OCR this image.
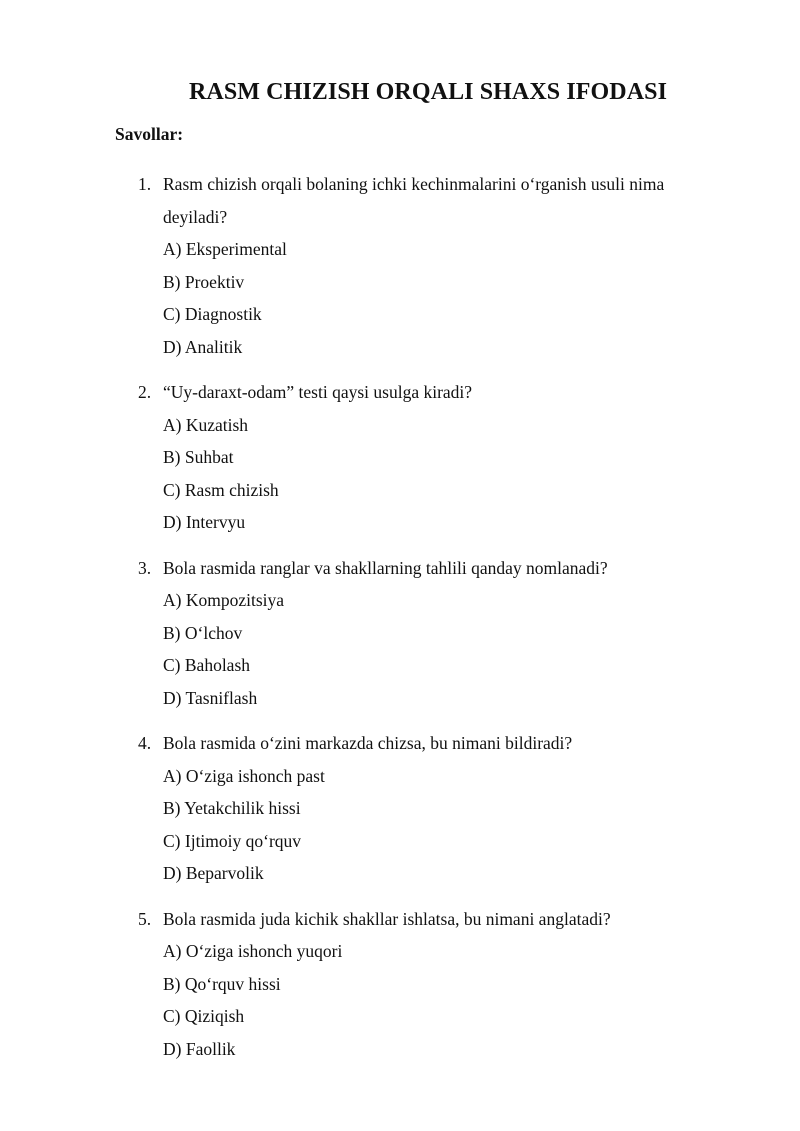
RASM CHIZISH ORQALI SHAXS IFODASI

Savollar:

1. Rasm chizish orqali bolaning ichki kechinmalarini o‘rganish usuli nima deyiladi?

A) Eksperimental
B) Proektiv
C) Diagnostik
D) Analitik
2. “Uy-daraxt-odam” testi qaysi usulga kiradi?

A) Kuzatish
B) Suhbat
C) Rasm chizish
D) Intervyu
3. Bola rasmida ranglar va shakllarning tahlili qanday nomlanadi?

A) Kompozitsiya
B) O‘lchov
C) Baholash
D) Tasniflash
4. Bola rasmida o‘zini markazda chizsa, bu nimani bildiradi?

A) O‘ziga ishonch past
B) Yetakchilik hissi
C) Ijtimoiy qo‘rquv
D) Beparvolik
5. Bola rasmida juda kichik shakllar ishlatsa, bu nimani anglatadi?

A) O‘ziga ishonch yuqori
B) Qo‘rquv hissi
C) Qiziqish
D) Faollik
